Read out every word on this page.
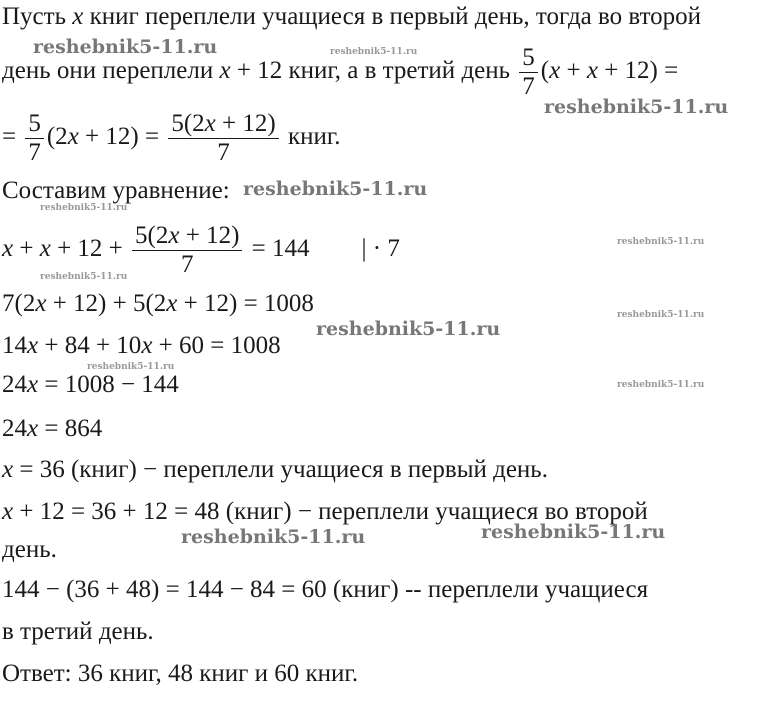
Пусть x книг переплели учащиеся в первый день, тогда во второй
день они переплели x + 12 книг, а в третий день $\frac{5}{7} (x + x + 12)$ =
= $\frac{5}{7} (2x + 12) = \frac{5(2x + 12)}{7}$ книг.
Составим уравнение:
$x + x + 12 + \frac{5(2x + 12)}{7} = 144$ | · 7
7(2x + 12) + 5(2x + 12) = 1008
14x + 84 + 10x + 60 = 1008
24x = 1008 − 144
24x = 864
x = 36 (книг) − переплели учащиеся в первый день.
x + 12 = 36 + 12 = 48 (книг) − переплели учащиеся во второй
день.
144 − (36 + 48) = 144 − 84 = 60 (книг) -- переплели учащиеся
в третий день.
Ответ: 36 книг, 48 книг и 60 книг.
reshebnik5-11.ru	reshebnik5-11.ru
reshebnik5-11.ru
reshebnik5-11.ru
reshebnik5-11.ru
reshebnik5-11.ru
reshebnik5-11.ru
reshebnik5-11.ru
reshebnik5-11.ru
reshebnik5-11.ru
reshebnik5-11.ru
reshebnik5-11.ru	reshebnik5-11.ru
